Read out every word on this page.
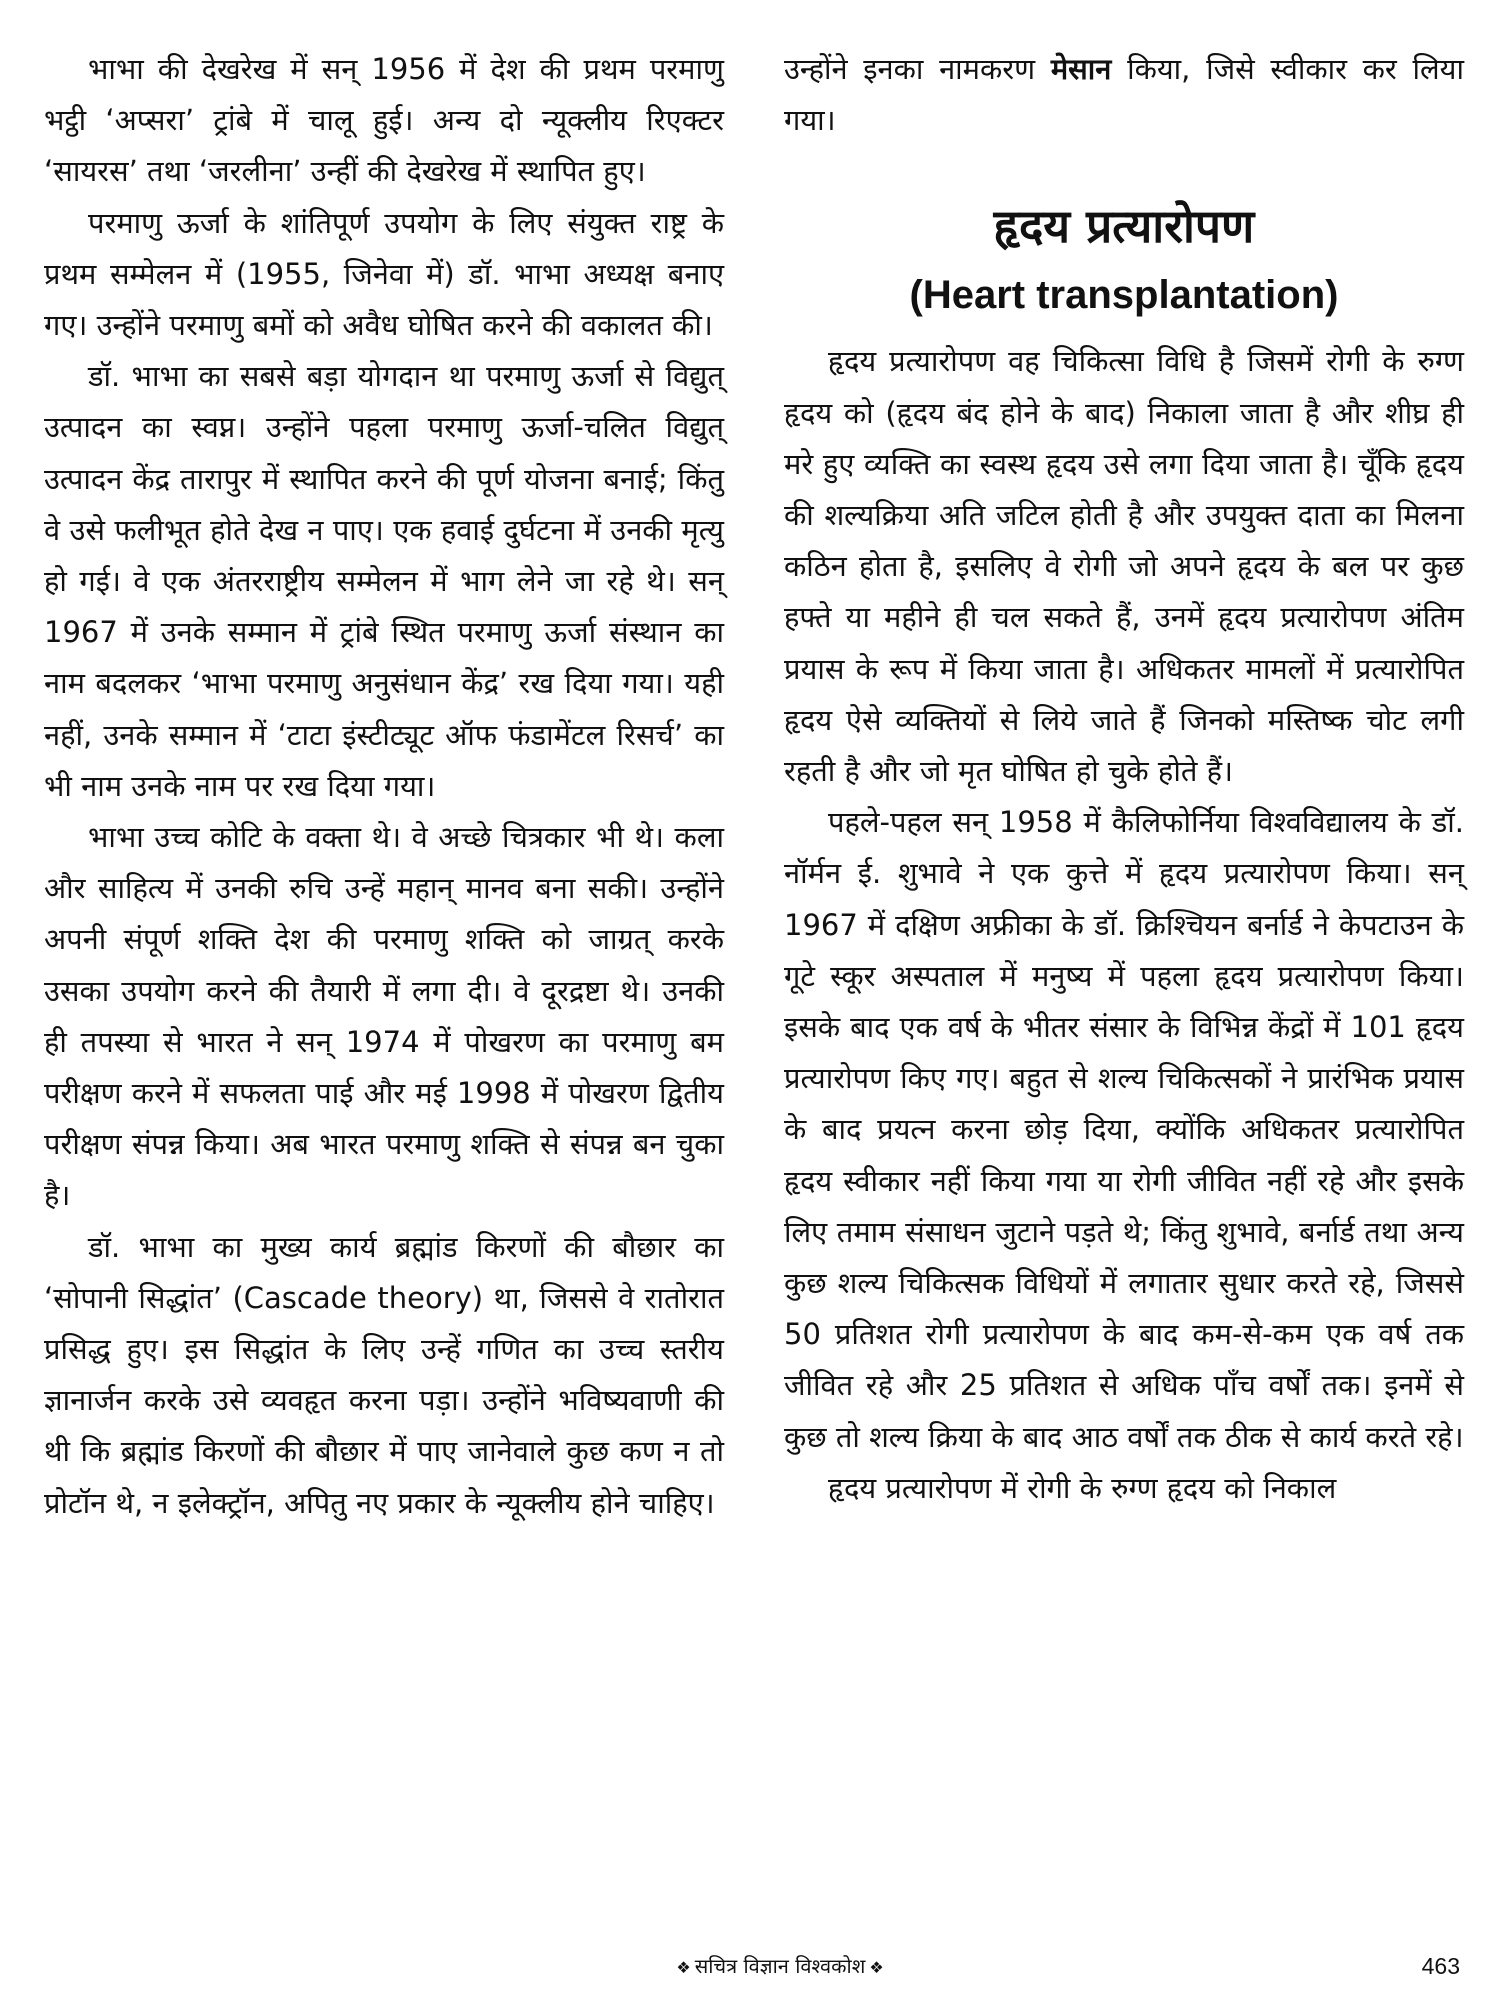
भाभा की देखरेख में सन् 1956 में देश की प्रथम परमाणु भट्ठी ‘अप्सरा’ ट्रांबे में चालू हुई। अन्य दो न्यूक्लीय रिएक्टर ‘सायरस’ तथा ‘जरलीना’ उन्हीं की देखरेख में स्थापित हुए।

परमाणु ऊर्जा के शांतिपूर्ण उपयोग के लिए संयुक्त राष्ट्र के प्रथम सम्मेलन में (1955, जिनेवा में) डॉ. भाभा अध्यक्ष बनाए गए। उन्होंने परमाणु बमों को अवैध घोषित करने की वकालत की।

डॉ. भाभा का सबसे बड़ा योगदान था परमाणु ऊर्जा से विद्युत् उत्पादन का स्वप्न। उन्होंने पहला परमाणु ऊर्जा-चलित विद्युत् उत्पादन केंद्र तारापुर में स्थापित करने की पूर्ण योजना बनाई; किंतु वे उसे फलीभूत होते देख न पाए। एक हवाई दुर्घटना में उनकी मृत्यु हो गई। वे एक अंतरराष्ट्रीय सम्मेलन में भाग लेने जा रहे थे। सन् 1967 में उनके सम्मान में ट्रांबे स्थित परमाणु ऊर्जा संस्थान का नाम बदलकर ‘भाभा परमाणु अनुसंधान केंद्र’ रख दिया गया। यही नहीं, उनके सम्मान में ‘टाटा इंस्टीट्यूट ऑफ फंडामेंटल रिसर्च’ का भी नाम उनके नाम पर रख दिया गया।

भाभा उच्च कोटि के वक्ता थे। वे अच्छे चित्रकार भी थे। कला और साहित्य में उनकी रुचि उन्हें महान् मानव बना सकी। उन्होंने अपनी संपूर्ण शक्ति देश की परमाणु शक्ति को जाग्रत् करके उसका उपयोग करने की तैयारी में लगा दी। वे दूरद्रष्टा थे। उनकी ही तपस्या से भारत ने सन् 1974 में पोखरण का परमाणु बम परीक्षण करने में सफलता पाई और मई 1998 में पोखरण द्वितीय परीक्षण संपन्न किया। अब भारत परमाणु शक्ति से संपन्न बन चुका है।

डॉ. भाभा का मुख्य कार्य ब्रह्मांड किरणों की बौछार का ‘सोपानी सिद्धांत’ (Cascade theory) था, जिससे वे रातोरात प्रसिद्ध हुए। इस सिद्धांत के लिए उन्हें गणित का उच्च स्तरीय ज्ञानार्जन करके उसे व्यवहृत करना पड़ा। उन्होंने भविष्यवाणी की थी कि ब्रह्मांड किरणों की बौछार में पाए जानेवाले कुछ कण न तो प्रोटॉन थे, न इलेक्ट्रॉन, अपितु नए प्रकार के न्यूक्लीय होने चाहिए।

उन्होंने इनका नामकरण मेसान किया, जिसे स्वीकार कर लिया गया।

हृदय प्रत्यारोपण
(Heart transplantation)

हृदय प्रत्यारोपण वह चिकित्सा विधि है जिसमें रोगी के रुग्ण हृदय को (हृदय बंद होने के बाद) निकाला जाता है और शीघ्र ही मरे हुए व्यक्ति का स्वस्थ हृदय उसे लगा दिया जाता है। चूँकि हृदय की शल्यक्रिया अति जटिल होती है और उपयुक्त दाता का मिलना कठिन होता है, इसलिए वे रोगी जो अपने हृदय के बल पर कुछ हफ्ते या महीने ही चल सकते हैं, उनमें हृदय प्रत्यारोपण अंतिम प्रयास के रूप में किया जाता है। अधिकतर मामलों में प्रत्यारोपित हृदय ऐसे व्यक्तियों से लिये जाते हैं जिनको मस्तिष्क चोट लगी रहती है और जो मृत घोषित हो चुके होते हैं।

पहले-पहल सन् 1958 में कैलिफोर्निया विश्वविद्यालय के डॉ. नॉर्मन ई. शुभावे ने एक कुत्ते में हृदय प्रत्यारोपण किया। सन् 1967 में दक्षिण अफ्रीका के डॉ. क्रिश्चियन बर्नार्ड ने केपटाउन के गूटे स्कूर अस्पताल में मनुष्य में पहला हृदय प्रत्यारोपण किया। इसके बाद एक वर्ष के भीतर संसार के विभिन्न केंद्रों में 101 हृदय प्रत्यारोपण किए गए। बहुत से शल्य चिकित्सकों ने प्रारंभिक प्रयास के बाद प्रयत्न करना छोड़ दिया, क्योंकि अधिकतर प्रत्यारोपित हृदय स्वीकार नहीं किया गया या रोगी जीवित नहीं रहे और इसके लिए तमाम संसाधन जुटाने पड़ते थे; किंतु शुभावे, बर्नार्ड तथा अन्य कुछ शल्य चिकित्सक विधियों में लगातार सुधार करते रहे, जिससे 50 प्रतिशत रोगी प्रत्यारोपण के बाद कम-से-कम एक वर्ष तक जीवित रहे और 25 प्रतिशत से अधिक पाँच वर्षों तक। इनमें से कुछ तो शल्य क्रिया के बाद आठ वर्षों तक ठीक से कार्य करते रहे।

हृदय प्रत्यारोपण में रोगी के रुग्ण हृदय को निकाल

❖ सचित्र विज्ञान विश्वकोश ❖	463
